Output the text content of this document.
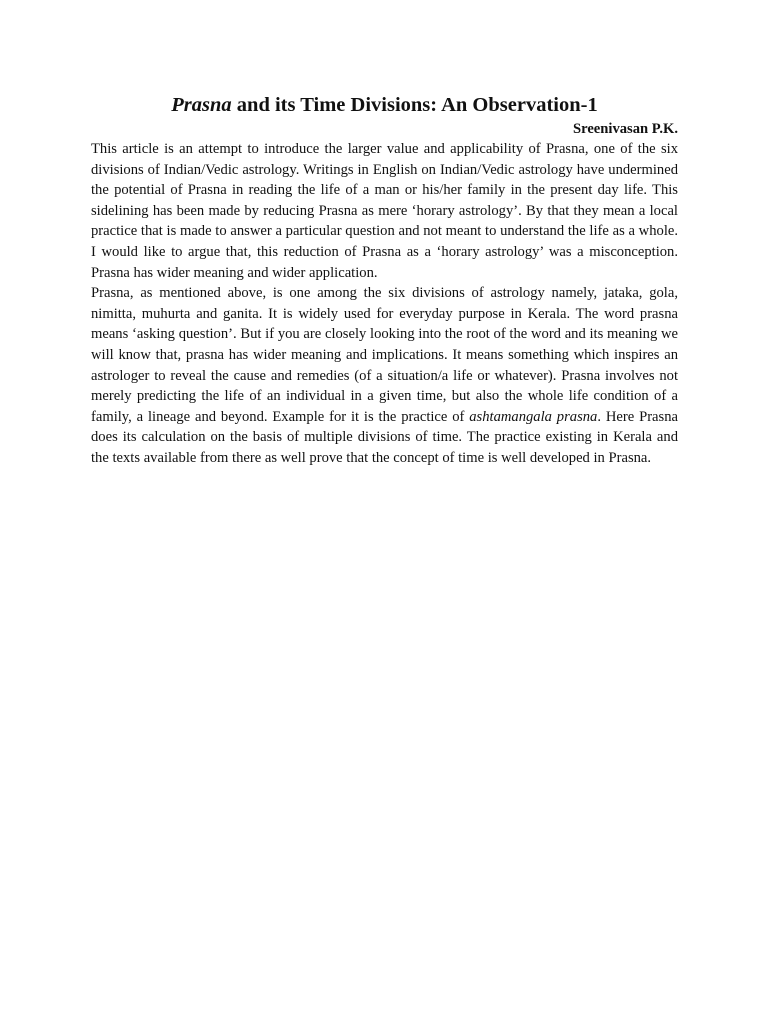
Prasna and its Time Divisions: An Observation-1
Sreenivasan P.K.

This article is an attempt to introduce the larger value and applicability of Prasna, one of the six divisions of Indian/Vedic astrology. Writings in English on Indian/Vedic astrology have undermined the potential of Prasna in reading the life of a man or his/her family in the present day life. This sidelining has been made by reducing Prasna as mere ‘horary astrology’. By that they mean a local practice that is made to answer a particular question and not meant to understand the life as a whole. I would like to argue that, this reduction of Prasna as a ‘horary astrology’ was a misconception. Prasna has wider meaning and wider application.

Prasna, as mentioned above, is one among the six divisions of astrology namely, jataka, gola, nimitta, muhurta and ganita. It is widely used for everyday purpose in Kerala. The word prasna means ‘asking question’. But if you are closely looking into the root of the word and its meaning we will know that, prasna has wider meaning and implications. It means something which inspires an astrologer to reveal the cause and remedies (of a situation/a life or whatever). Prasna involves not merely predicting the life of an individual in a given time, but also the whole life condition of a family, a lineage and beyond. Example for it is the practice of ashtamangala prasna. Here Prasna does its calculation on the basis of multiple divisions of time. The practice existing in Kerala and the texts available from there as well prove that the concept of time is well developed in Prasna.
